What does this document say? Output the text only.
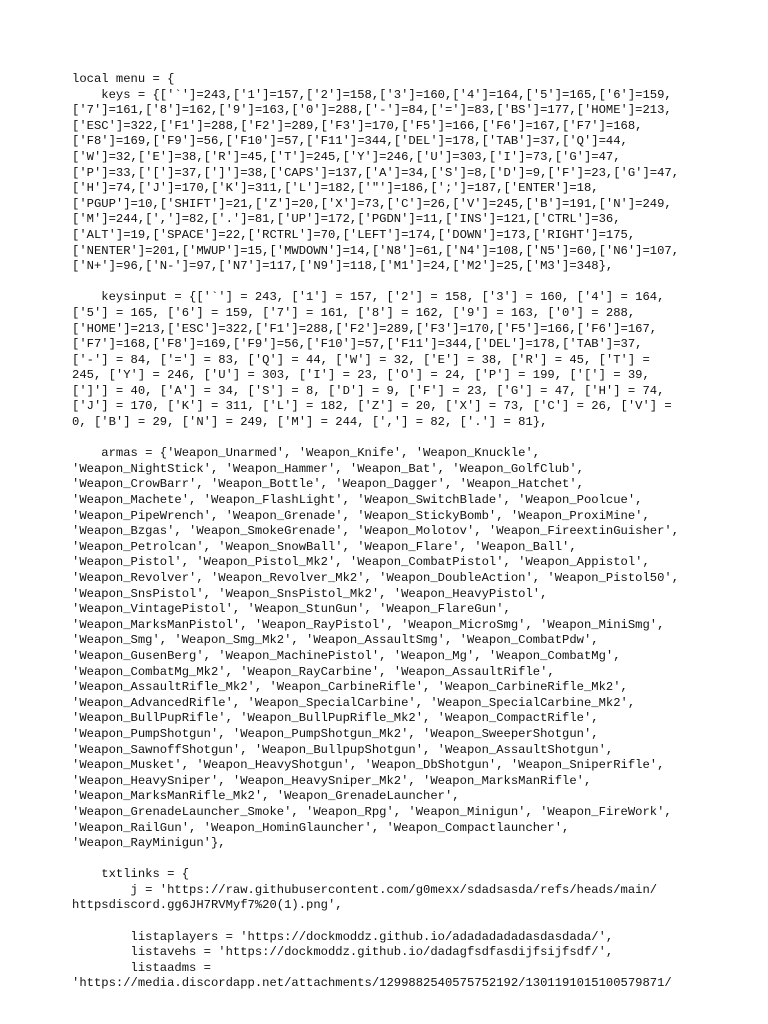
local menu = {
keys = {['`']=243,['1']=157,['2']=158,['3']=160,['4']=164,['5']=165,['6']=159,
['7']=161,['8']=162,['9']=163,['0']=288,['-']=84,['=']=83,['BS']=177,['HOME']=213,
['ESC']=322,['F1']=288,['F2']=289,['F3']=170,['F5']=166,['F6']=167,['F7']=168,
['F8']=169,['F9']=56,['F10']=57,['F11']=344,['DEL']=178,['TAB']=37,['Q']=44,
['W']=32,['E']=38,['R']=45,['T']=245,['Y']=246,['U']=303,['I']=73,['G']=47,
['P']=33,['[']=37,[']']=38,['CAPS']=137,['A']=34,['S']=8,['D']=9,['F']=23,['G']=47,
['H']=74,['J']=170,['K']=311,['L']=182,['"']=186,[';']=187,['ENTER']=18,
['PGUP']=10,['SHIFT']=21,['Z']=20,['X']=73,['C']=26,['V']=245,['B']=191,['N']=249,
['M']=244,[',']=82,['.']=81,['UP']=172,['PGDN']=11,['INS']=121,['CTRL']=36,
['ALT']=19,['SPACE']=22,['RCTRL']=70,['LEFT']=174,['DOWN']=173,['RIGHT']=175,
['NENTER']=201,['MWUP']=15,['MWDOWN']=14,['N8']=61,['N4']=108,['N5']=60,['N6']=107,
['N+']=96,['N-']=97,['N7']=117,['N9']=118,['M1']=24,['M2']=25,['M3']=348},

keysinput = {['`'] = 243, ['1'] = 157, ['2'] = 158, ['3'] = 160, ['4'] = 164,
['5'] = 165, ['6'] = 159, ['7'] = 161, ['8'] = 162, ['9'] = 163, ['0'] = 288,
['HOME']=213,['ESC']=322,['F1']=288,['F2']=289,['F3']=170,['F5']=166,['F6']=167,
['F7']=168,['F8']=169,['F9']=56,['F10']=57,['F11']=344,['DEL']=178,['TAB']=37,
['-'] = 84, ['='] = 83, ['Q'] = 44, ['W'] = 32, ['E'] = 38, ['R'] = 45, ['T'] =
245, ['Y'] = 246, ['U'] = 303, ['I'] = 23, ['O'] = 24, ['P'] = 199, ['['] = 39,
[']'] = 40, ['A'] = 34, ['S'] = 8, ['D'] = 9, ['F'] = 23, ['G'] = 47, ['H'] = 74,
['J'] = 170, ['K'] = 311, ['L'] = 182, ['Z'] = 20, ['X'] = 73, ['C'] = 26, ['V'] =
0, ['B'] = 29, ['N'] = 249, ['M'] = 244, [','] = 82, ['.'] = 81},

armas = {'Weapon_Unarmed', 'Weapon_Knife', 'Weapon_Knuckle',
'Weapon_NightStick', 'Weapon_Hammer', 'Weapon_Bat', 'Weapon_GolfClub',
'Weapon_CrowBarr', 'Weapon_Bottle', 'Weapon_Dagger', 'Weapon_Hatchet',
'Weapon_Machete', 'Weapon_FlashLight', 'Weapon_SwitchBlade', 'Weapon_Poolcue',
'Weapon_PipeWrench', 'Weapon_Grenade', 'Weapon_StickyBomb', 'Weapon_ProxiMine',
'Weapon_Bzgas', 'Weapon_SmokeGrenade', 'Weapon_Molotov', 'Weapon_FireextinGuisher',
'Weapon_Petrolcan', 'Weapon_SnowBall', 'Weapon_Flare', 'Weapon_Ball',
'Weapon_Pistol', 'Weapon_Pistol_Mk2', 'Weapon_CombatPistol', 'Weapon_Appistol',
'Weapon_Revolver', 'Weapon_Revolver_Mk2', 'Weapon_DoubleAction', 'Weapon_Pistol50',
'Weapon_SnsPistol', 'Weapon_SnsPistol_Mk2', 'Weapon_HeavyPistol',
'Weapon_VintagePistol', 'Weapon_StunGun', 'Weapon_FlareGun',
'Weapon_MarksManPistol', 'Weapon_RayPistol', 'Weapon_MicroSmg', 'Weapon_MiniSmg',
'Weapon_Smg', 'Weapon_Smg_Mk2', 'Weapon_AssaultSmg', 'Weapon_CombatPdw',
'Weapon_GusenBerg', 'Weapon_MachinePistol', 'Weapon_Mg', 'Weapon_CombatMg',
'Weapon_CombatMg_Mk2', 'Weapon_RayCarbine', 'Weapon_AssaultRifle',
'Weapon_AssaultRifle_Mk2', 'Weapon_CarbineRifle', 'Weapon_CarbineRifle_Mk2',
'Weapon_AdvancedRifle', 'Weapon_SpecialCarbine', 'Weapon_SpecialCarbine_Mk2',
'Weapon_BullPupRifle', 'Weapon_BullPupRifle_Mk2', 'Weapon_CompactRifle',
'Weapon_PumpShotgun', 'Weapon_PumpShotgun_Mk2', 'Weapon_SweeperShotgun',
'Weapon_SawnoffShotgun', 'Weapon_BullpupShotgun', 'Weapon_AssaultShotgun',
'Weapon_Musket', 'Weapon_HeavyShotgun', 'Weapon_DbShotgun', 'Weapon_SniperRifle',
'Weapon_HeavySniper', 'Weapon_HeavySniper_Mk2', 'Weapon_MarksManRifle',
'Weapon_MarksManRifle_Mk2', 'Weapon_GrenadeLauncher',
'Weapon_GrenadeLauncher_Smoke', 'Weapon_Rpg', 'Weapon_Minigun', 'Weapon_FireWork',
'Weapon_RailGun', 'Weapon_HominGlauncher', 'Weapon_Compactlauncher',
'Weapon_RayMinigun'},

txtlinks = {
j = 'https://raw.githubusercontent.com/g0mexx/sdadsasda/refs/heads/main/
httpsdiscord.gg6JH7RVMyf7%20(1).png',

listaplayers = 'https://dockmoddz.github.io/adadadadadasdasdada/',
listavehs = 'https://dockmoddz.github.io/dadagfsdfasdijfsijfsdf/',
listaadms =
'https://media.discordapp.net/attachments/1299882540575752192/1301191015100579871/
